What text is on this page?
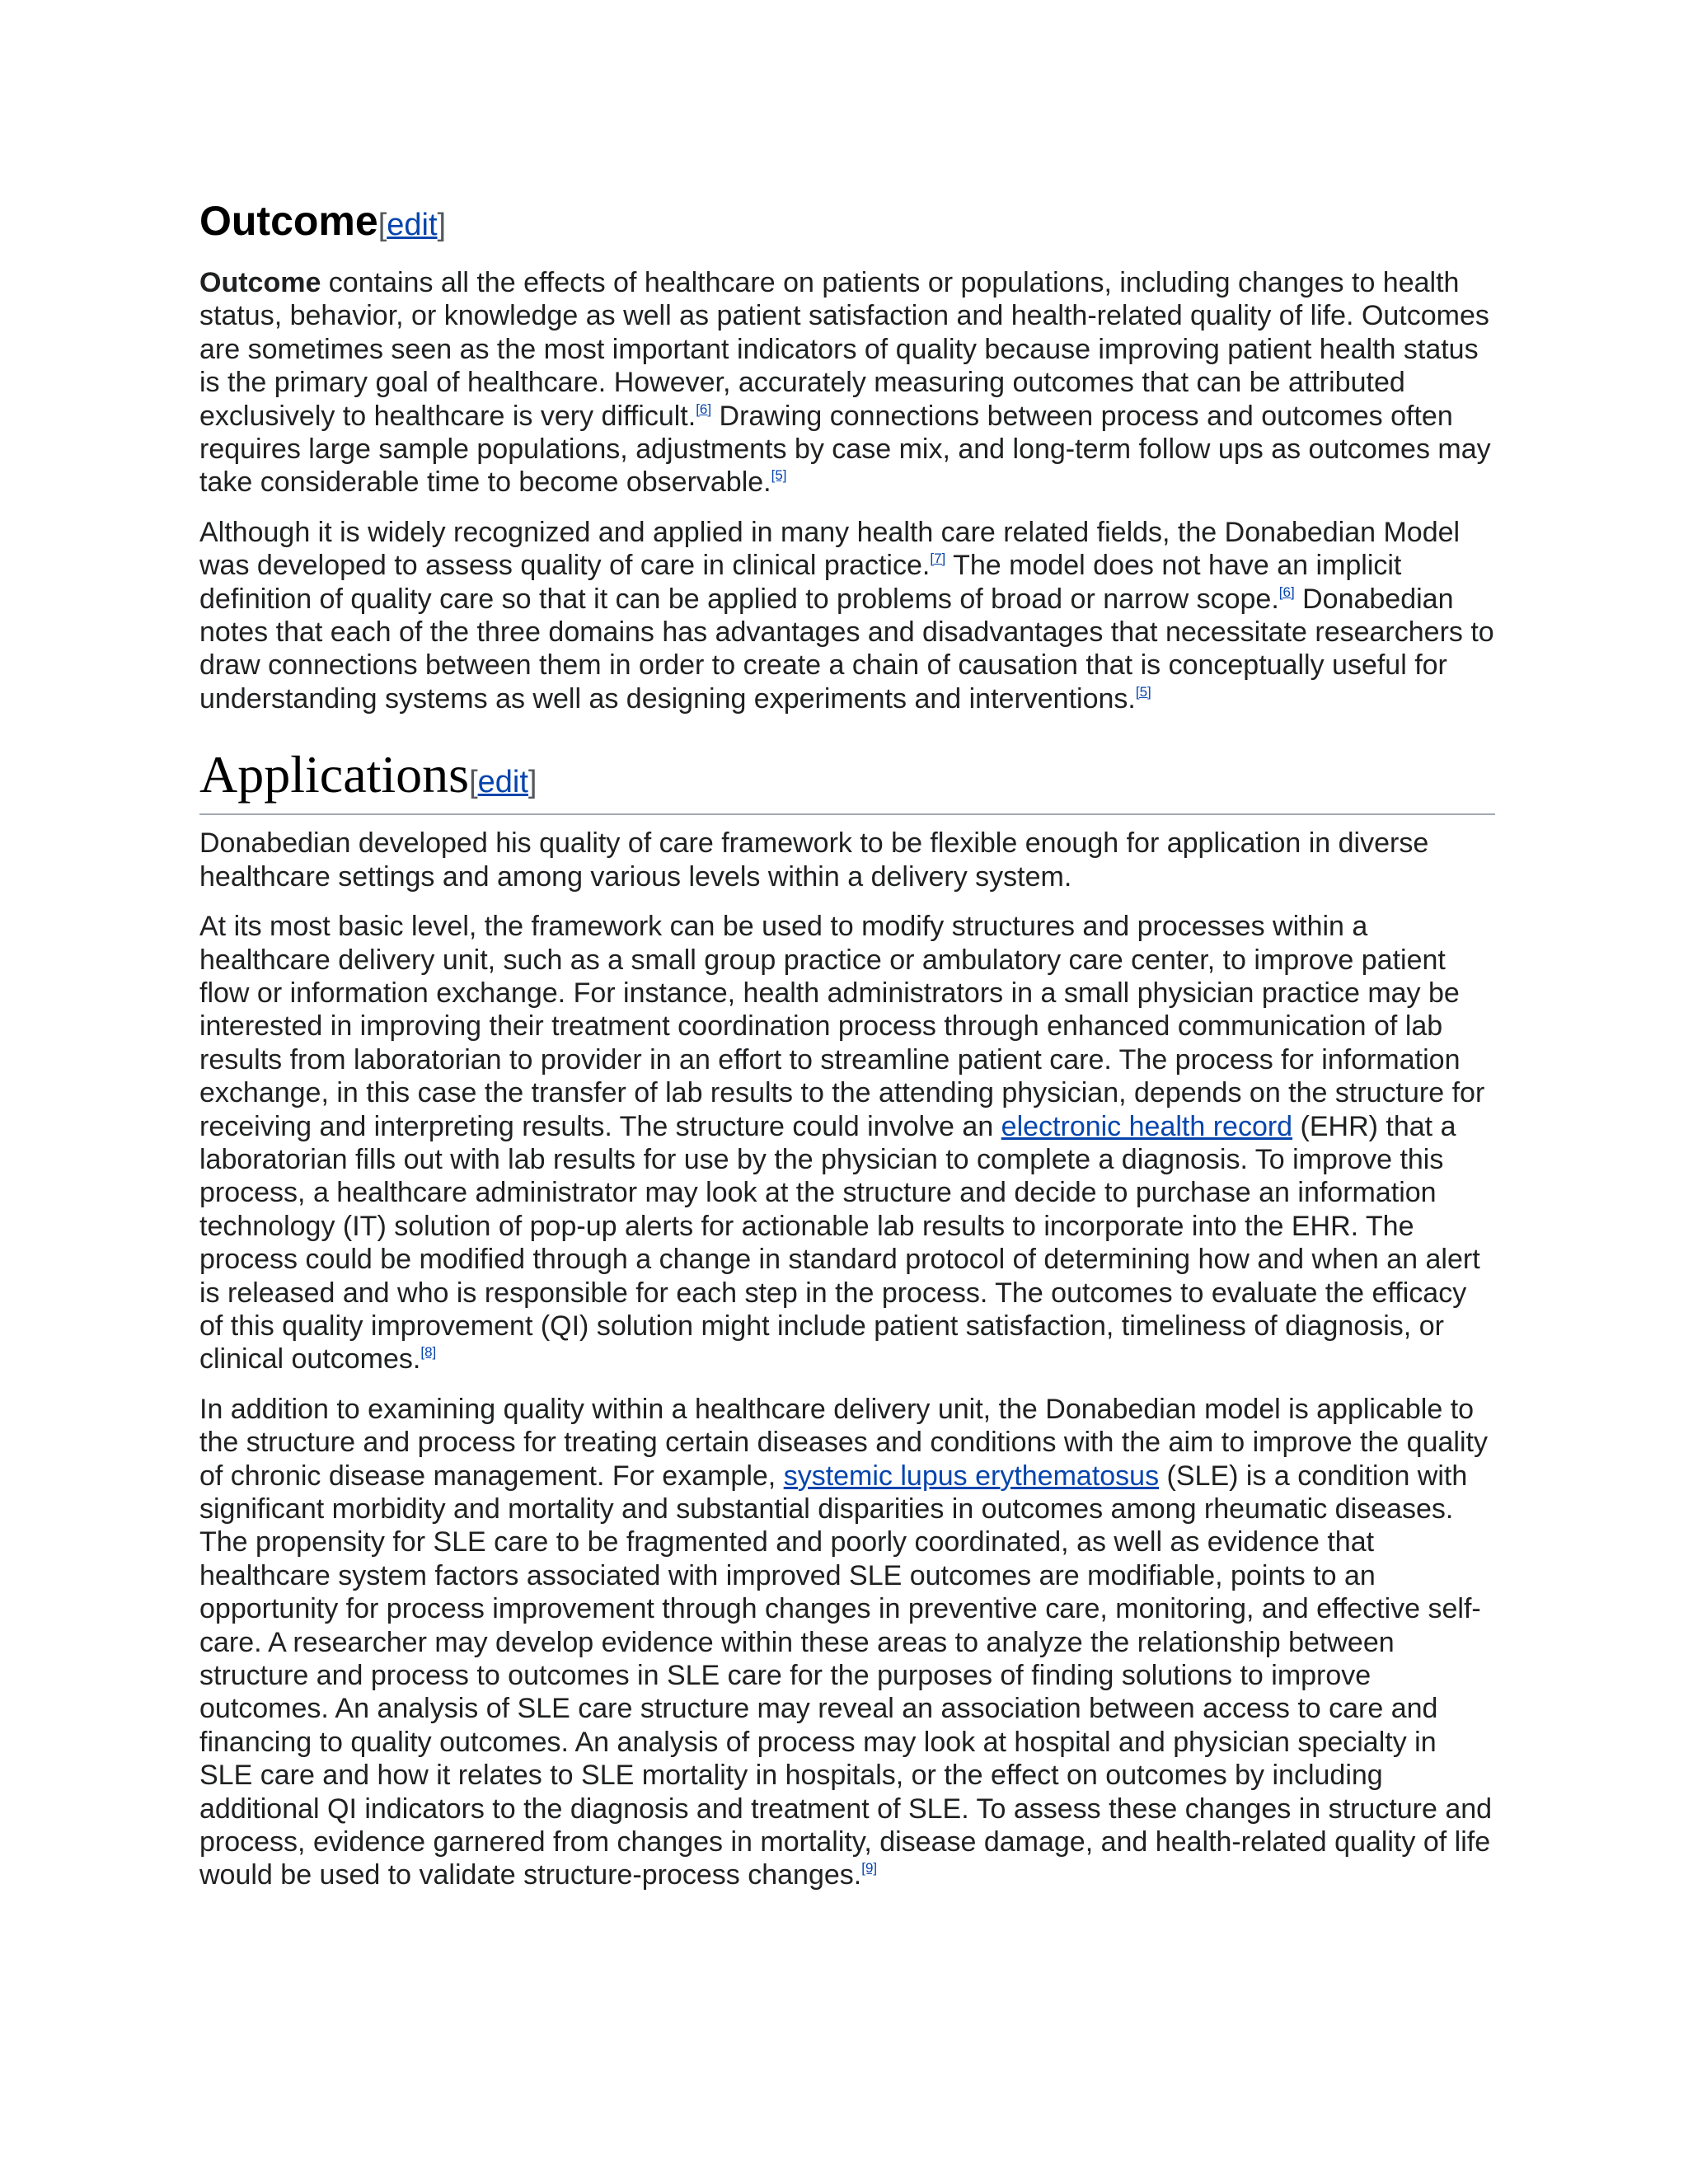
Outcome[edit]

Outcome contains all the effects of healthcare on patients or populations, including changes to health status, behavior, or knowledge as well as patient satisfaction and health-related quality of life. Outcomes are sometimes seen as the most important indicators of quality because improving patient health status is the primary goal of healthcare. However, accurately measuring outcomes that can be attributed exclusively to healthcare is very difficult.[6] Drawing connections between process and outcomes often requires large sample populations, adjustments by case mix, and long-term follow ups as outcomes may take considerable time to become observable.[5]

Although it is widely recognized and applied in many health care related fields, the Donabedian Model was developed to assess quality of care in clinical practice.[7] The model does not have an implicit definition of quality care so that it can be applied to problems of broad or narrow scope.[6] Donabedian notes that each of the three domains has advantages and disadvantages that necessitate researchers to draw connections between them in order to create a chain of causation that is conceptually useful for understanding systems as well as designing experiments and interventions.[5]

Applications[edit]

Donabedian developed his quality of care framework to be flexible enough for application in diverse healthcare settings and among various levels within a delivery system.

At its most basic level, the framework can be used to modify structures and processes within a healthcare delivery unit, such as a small group practice or ambulatory care center, to improve patient flow or information exchange. For instance, health administrators in a small physician practice may be interested in improving their treatment coordination process through enhanced communication of lab results from laboratorian to provider in an effort to streamline patient care. The process for information exchange, in this case the transfer of lab results to the attending physician, depends on the structure for receiving and interpreting results. The structure could involve an electronic health record (EHR) that a laboratorian fills out with lab results for use by the physician to complete a diagnosis. To improve this process, a healthcare administrator may look at the structure and decide to purchase an information technology (IT) solution of pop-up alerts for actionable lab results to incorporate into the EHR. The process could be modified through a change in standard protocol of determining how and when an alert is released and who is responsible for each step in the process. The outcomes to evaluate the efficacy of this quality improvement (QI) solution might include patient satisfaction, timeliness of diagnosis, or clinical outcomes.[8]

In addition to examining quality within a healthcare delivery unit, the Donabedian model is applicable to the structure and process for treating certain diseases and conditions with the aim to improve the quality of chronic disease management. For example, systemic lupus erythematosus (SLE) is a condition with significant morbidity and mortality and substantial disparities in outcomes among rheumatic diseases. The propensity for SLE care to be fragmented and poorly coordinated, as well as evidence that healthcare system factors associated with improved SLE outcomes are modifiable, points to an opportunity for process improvement through changes in preventive care, monitoring, and effective self-care. A researcher may develop evidence within these areas to analyze the relationship between structure and process to outcomes in SLE care for the purposes of finding solutions to improve outcomes. An analysis of SLE care structure may reveal an association between access to care and financing to quality outcomes. An analysis of process may look at hospital and physician specialty in SLE care and how it relates to SLE mortality in hospitals, or the effect on outcomes by including additional QI indicators to the diagnosis and treatment of SLE. To assess these changes in structure and process, evidence garnered from changes in mortality, disease damage, and health-related quality of life would be used to validate structure-process changes.[9]
